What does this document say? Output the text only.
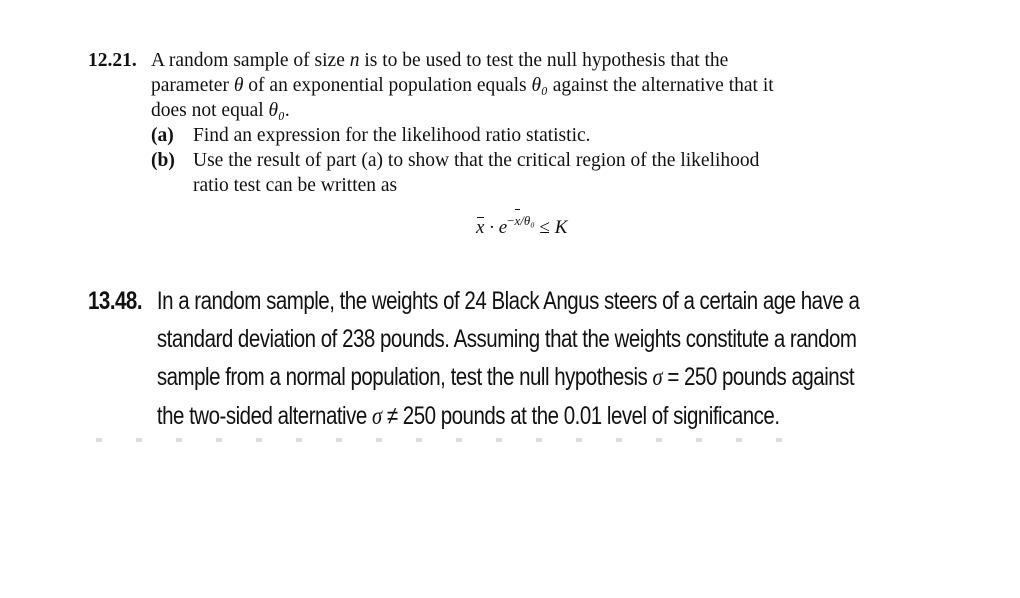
12.21. A random sample of size n is to be used to test the null hypothesis that the
parameter θ of an exponential population equals θ₀ against the alternative that it
does not equal θ₀.
(a) Find an expression for the likelihood ratio statistic.
(b) Use the result of part (a) to show that the critical region of the likelihood
ratio test can be written as
$x \cdot e^{-x/\theta_0} \le K$
13.48. In a random sample, the weights of 24 Black Angus steers of a certain age have a
standard deviation of 238 pounds. Assuming that the weights constitute a random
sample from a normal population, test the null hypothesis σ = 250 pounds against
the two-sided alternative σ ≠ 250 pounds at the 0.01 level of significance.
